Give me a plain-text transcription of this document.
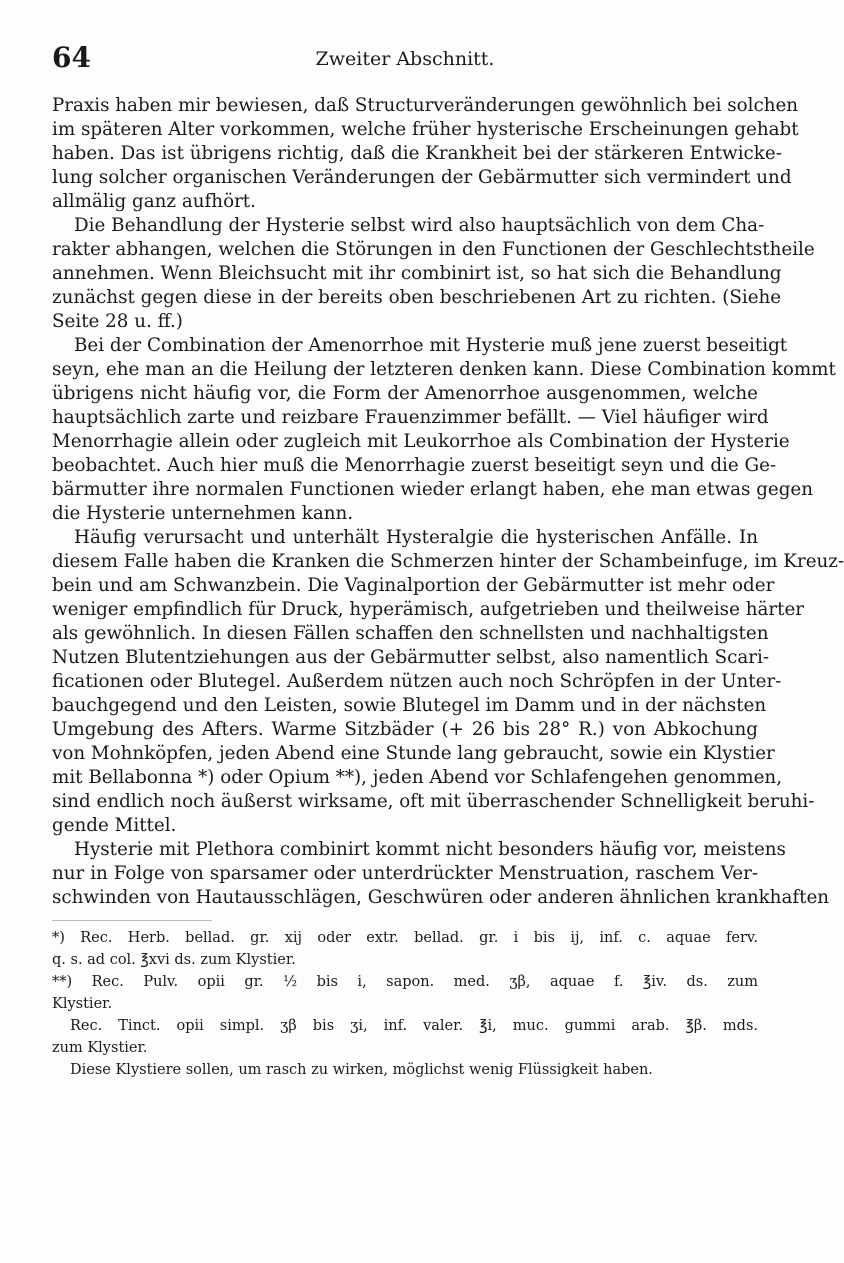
64	Zweiter Abschnitt.
Praxis haben mir bewiesen, daß Structurveränderungen gewöhnlich bei solchen
im späteren Alter vorkommen, welche früher hysterische Erscheinungen gehabt
haben. Das ist übrigens richtig, daß die Krankheit bei der stärkeren Entwicke-
lung solcher organischen Veränderungen der Gebärmutter sich vermindert und
allmälig ganz aufhört.
Die Behandlung der Hysterie selbst wird also hauptsächlich von dem Cha-
rakter abhangen, welchen die Störungen in den Functionen der Geschlechtstheile
annehmen. Wenn Bleichsucht mit ihr combinirt ist, so hat sich die Behandlung
zunächst gegen diese in der bereits oben beschriebenen Art zu richten. (Siehe
Seite 28 u. ff.)
Bei der Combination der Amenorrhoe mit Hysterie muß jene zuerst beseitigt
seyn, ehe man an die Heilung der letzteren denken kann. Diese Combination kommt
übrigens nicht häufig vor, die Form der Amenorrhoe ausgenommen, welche
hauptsächlich zarte und reizbare Frauenzimmer befällt. — Viel häufiger wird
Menorrhagie allein oder zugleich mit Leukorrhoe als Combination der Hysterie
beobachtet. Auch hier muß die Menorrhagie zuerst beseitigt seyn und die Ge-
bärmutter ihre normalen Functionen wieder erlangt haben, ehe man etwas gegen
die Hysterie unternehmen kann.
Häufig verursacht und unterhält Hysteralgie die hysterischen Anfälle. In
diesem Falle haben die Kranken die Schmerzen hinter der Schambeinfuge, im Kreuz-
bein und am Schwanzbein. Die Vaginalportion der Gebärmutter ist mehr oder
weniger empfindlich für Druck, hyperämisch, aufgetrieben und theilweise härter
als gewöhnlich. In diesen Fällen schaffen den schnellsten und nachhaltigsten
Nutzen Blutentziehungen aus der Gebärmutter selbst, also namentlich Scari-
ficationen oder Blutegel. Außerdem nützen auch noch Schröpfen in der Unter-
bauchgegend und den Leisten, sowie Blutegel im Damm und in der nächsten
Umgebung des Afters. Warme Sitzbäder (+ 26 bis 28° R.) von Abkochung
von Mohnköpfen, jeden Abend eine Stunde lang gebraucht, sowie ein Klystier
mit Bellabonna *) oder Opium **), jeden Abend vor Schlafengehen genommen,
sind endlich noch äußerst wirksame, oft mit überraschender Schnelligkeit beruhi-
gende Mittel.
Hysterie mit Plethora combinirt kommt nicht besonders häufig vor, meistens
nur in Folge von sparsamer oder unterdrückter Menstruation, raschem Ver-
schwinden von Hautausschlägen, Geschwüren oder anderen ähnlichen krankhaften
*) Rec. Herb. bellad. gr. xij oder extr. bellad. gr. i bis ij, inf. c. aquae ferv.
q. s. ad col. ℥xvi ds. zum Klystier.
**) Rec. Pulv. opii gr. ½ bis i, sapon. med. ʒβ, aquae f. ℥iv. ds. zum
Klystier.
Rec. Tinct. opii simpl. ʒβ bis ʒi, inf. valer. ℥i, muc. gummi arab. ℥β. mds.
zum Klystier.
Diese Klystiere sollen, um rasch zu wirken, möglichst wenig Flüssigkeit haben.
